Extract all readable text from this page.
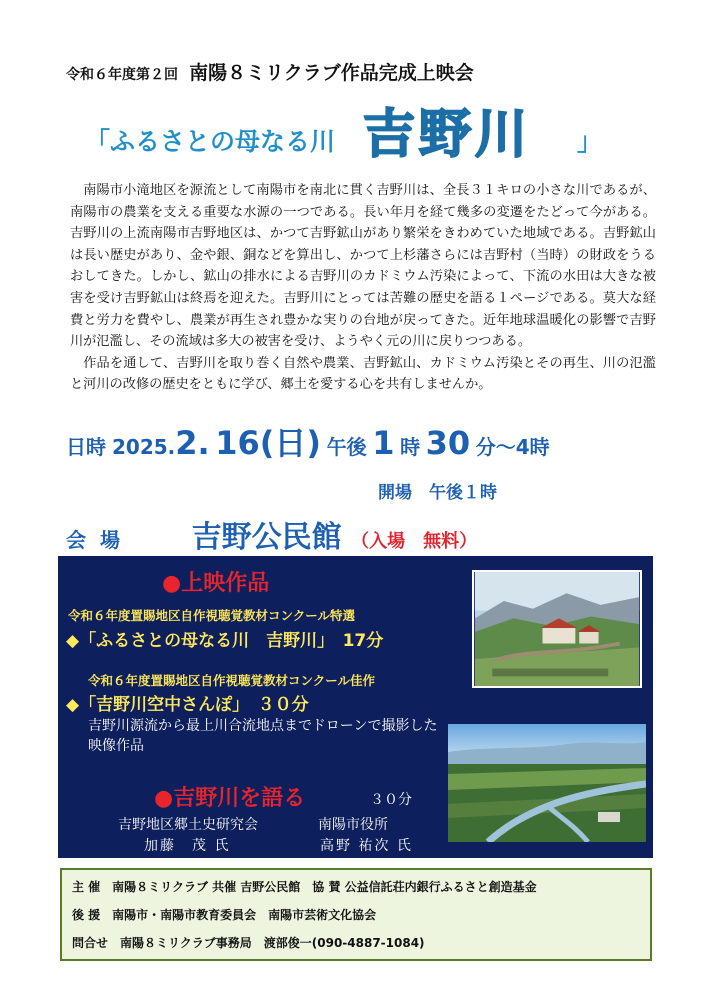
令和６年度第２回 南陽８ミリクラブ作品完成上映会
「ふるさとの母なる川 吉野川 」

南陽市小滝地区を源流として南陽市を南北に貫く吉野川は、全長３１キロの小さな川であるが、南陽市の農業を支える重要な水源の一つである。長い年月を経て幾多の変遷をたどって今がある。吉野川の上流南陽市吉野地区は、かつて吉野鉱山があり繁栄をきわめていた地域である。吉野鉱山は長い歴史があり、金や銀、銅などを算出し、かつて上杉藩さらには吉野村（当時）の財政をうるおしてきた。しかし、鉱山の排水による吉野川のカドミウム汚染によって、下流の水田は大きな被害を受け吉野鉱山は終焉を迎えた。吉野川にとっては苦難の歴史を語る１ページである。莫大な経費と労力を費やし、農業が再生され豊かな実りの台地が戻ってきた。近年地球温暖化の影響で吉野川が氾濫し、その流域は多大の被害を受け、ようやく元の川に戻りつつある。

作品を通して、吉野川を取り巻く自然や農業、吉野鉱山、カドミウム汚染とその再生、川の氾濫と河川の改修の歴史をともに学び、郷土を愛する心を共有しませんか。

日時 2025.2. 16(日) 午後 1 時 30 分～4時
開場　午後１時
会場 吉野公民館 （入場　無料）
●上映作品
令和６年度置賜地区自作視聴覚教材コンクール特選
◆「ふるさとの母なる川　吉野川」　17分
令和６年度置賜地区自作視聴覚教材コンクール佳作
◆「吉野川空中さんぽ」　３０分
吉野川源流から最上川合流地点までドローンで撮影した映像作品
●吉野川を語る	３０分
吉野地区郷土史研究会
加藤　茂 氏
南陽市役所
高野 祐次 氏
主 催　南陽８ミリクラブ 共催 吉野公民館　協 賛 公益信託荘内銀行ふるさと創造基金
後 援　南陽市・南陽市教育委員会　南陽市芸術文化協会
問合せ　南陽８ミリクラブ事務局　渡部俊一(090-4887-1084)
